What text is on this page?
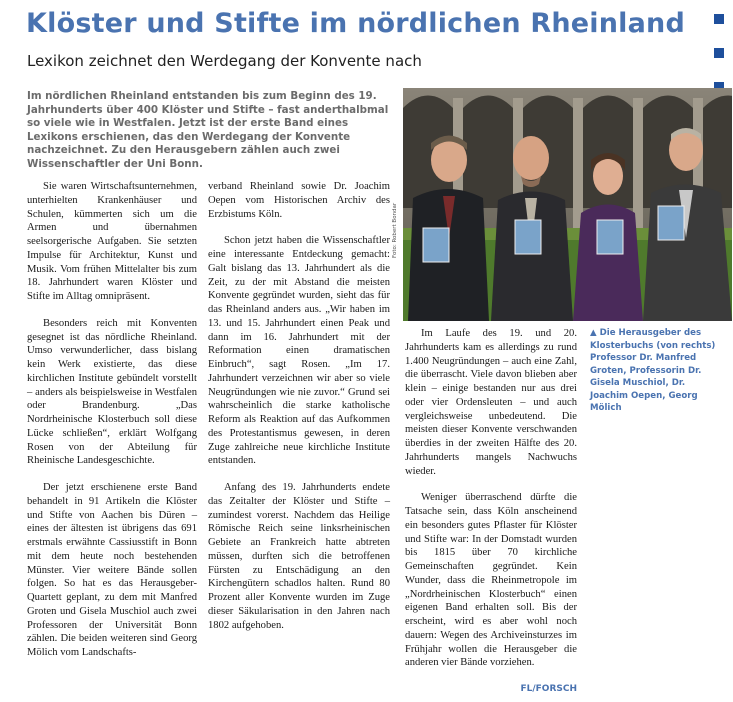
Klöster und Stifte im nördlichen Rheinland
Lexikon zeichnet den Werdegang der Konvente nach
Im nördlichen Rheinland entstanden bis zum Beginn des 19. Jahrhunderts über 400 Klöster und Stifte – fast anderthalbmal so viele wie in Westfalen. Jetzt ist der erste Band eines Lexikons erschienen, das den Werdegang der Konvente nachzeichnet. Zu den Herausgebern zählen auch zwei Wissenschaftler der Uni Bonn.
Foto: Robert Bondar

Sie waren Wirtschaftsunternehmen, unterhielten Krankenhäuser und Schulen, kümmerten sich um die Armen und übernahmen seelsorgerische Aufgaben. Sie setzten Impulse für Architektur, Kunst und Musik. Vom frühen Mittelalter bis zum 18. Jahrhundert waren Klöster und Stifte im Alltag omnipräsent.

Besonders reich mit Konventen gesegnet ist das nördliche Rheinland. Umso verwunderlicher, dass bislang kein Werk existierte, das diese kirchlichen Institute gebündelt vorstellt – anders als beispielsweise in Westfalen oder Brandenburg. „Das Nordrheinische Klosterbuch soll diese Lücke schließen“, erklärt Wolfgang Rosen von der Abteilung für Rheinische Landesgeschichte.

Der jetzt erschienene erste Band behandelt in 91 Artikeln die Klöster und Stifte von Aachen bis Düren – eines der ältesten ist übrigens das 691 erstmals erwähnte Cassiusstift in Bonn mit dem heute noch bestehenden Münster. Vier weitere Bände sollen folgen. So hat es das Herausgeber-Quartett geplant, zu dem mit Manfred Groten und Gisela Muschiol auch zwei Professoren der Universität Bonn zählen. Die beiden weiteren sind Georg Mölich vom Landschafts-

verband Rheinland sowie Dr. Joachim Oepen vom Historischen Archiv des Erzbistums Köln.

Schon jetzt haben die Wissenschaftler eine interessante Entdeckung gemacht: Galt bislang das 13. Jahrhundert als die Zeit, zu der mit Abstand die meisten Konvente gegründet wurden, sieht das für das Rheinland anders aus. „Wir haben im 13. und 15. Jahrhundert einen Peak und dann im 16. Jahrhundert mit der Reformation einen dramatischen Einbruch“, sagt Rosen. „Im 17. Jahrhundert verzeichnen wir aber so viele Neugründungen wie nie zuvor.“ Grund sei wahrscheinlich die starke katholische Reform als Reaktion auf das Aufkommen des Protestantismus gewesen, in deren Zuge zahlreiche neue kirchliche Institute entstanden.

Anfang des 19. Jahrhunderts endete das Zeitalter der Klöster und Stifte – zumindest vorerst. Nachdem das Heilige Römische Reich seine linksrheinischen Gebiete an Frankreich hatte abtreten müssen, durften sich die betroffenen Fürsten zu Entschädigung an den Kirchengütern schadlos halten. Rund 80 Prozent aller Konvente wurden im Zuge dieser Säkularisation in den Jahren nach 1802 aufgehoben.

Im Laufe des 19. und 20. Jahrhunderts kam es allerdings zu rund 1.400 Neugründungen – auch eine Zahl, die überrascht. Viele davon blieben aber klein – einige bestanden nur aus drei oder vier Ordensleuten – und auch vergleichsweise unbedeutend. Die meisten dieser Konvente verschwanden überdies in der zweiten Hälfte des 20. Jahrhunderts mangels Nachwuchs wieder.

Weniger überraschend dürfte die Tatsache sein, dass Köln anscheinend ein besonders gutes Pflaster für Klöster und Stifte war: In der Domstadt wurden bis 1815 über 70 kirchliche Gemeinschaften gegründet. Kein Wunder, dass die Rheinmetropole im „Nordrheinischen Klosterbuch“ einen eigenen Band erhalten soll. Bis der erscheint, wird es aber wohl noch dauern: Wegen des Archiveinsturzes im Frühjahr wollen die Herausgeber die anderen vier Bände vorziehen.

FL/FORSCH
▲ Die Herausgeber des Klosterbuchs (von rechts) Professor Dr. Manfred Groten, Professorin Dr. Gisela Muschiol, Dr. Joachim Oepen, Georg Mölich
